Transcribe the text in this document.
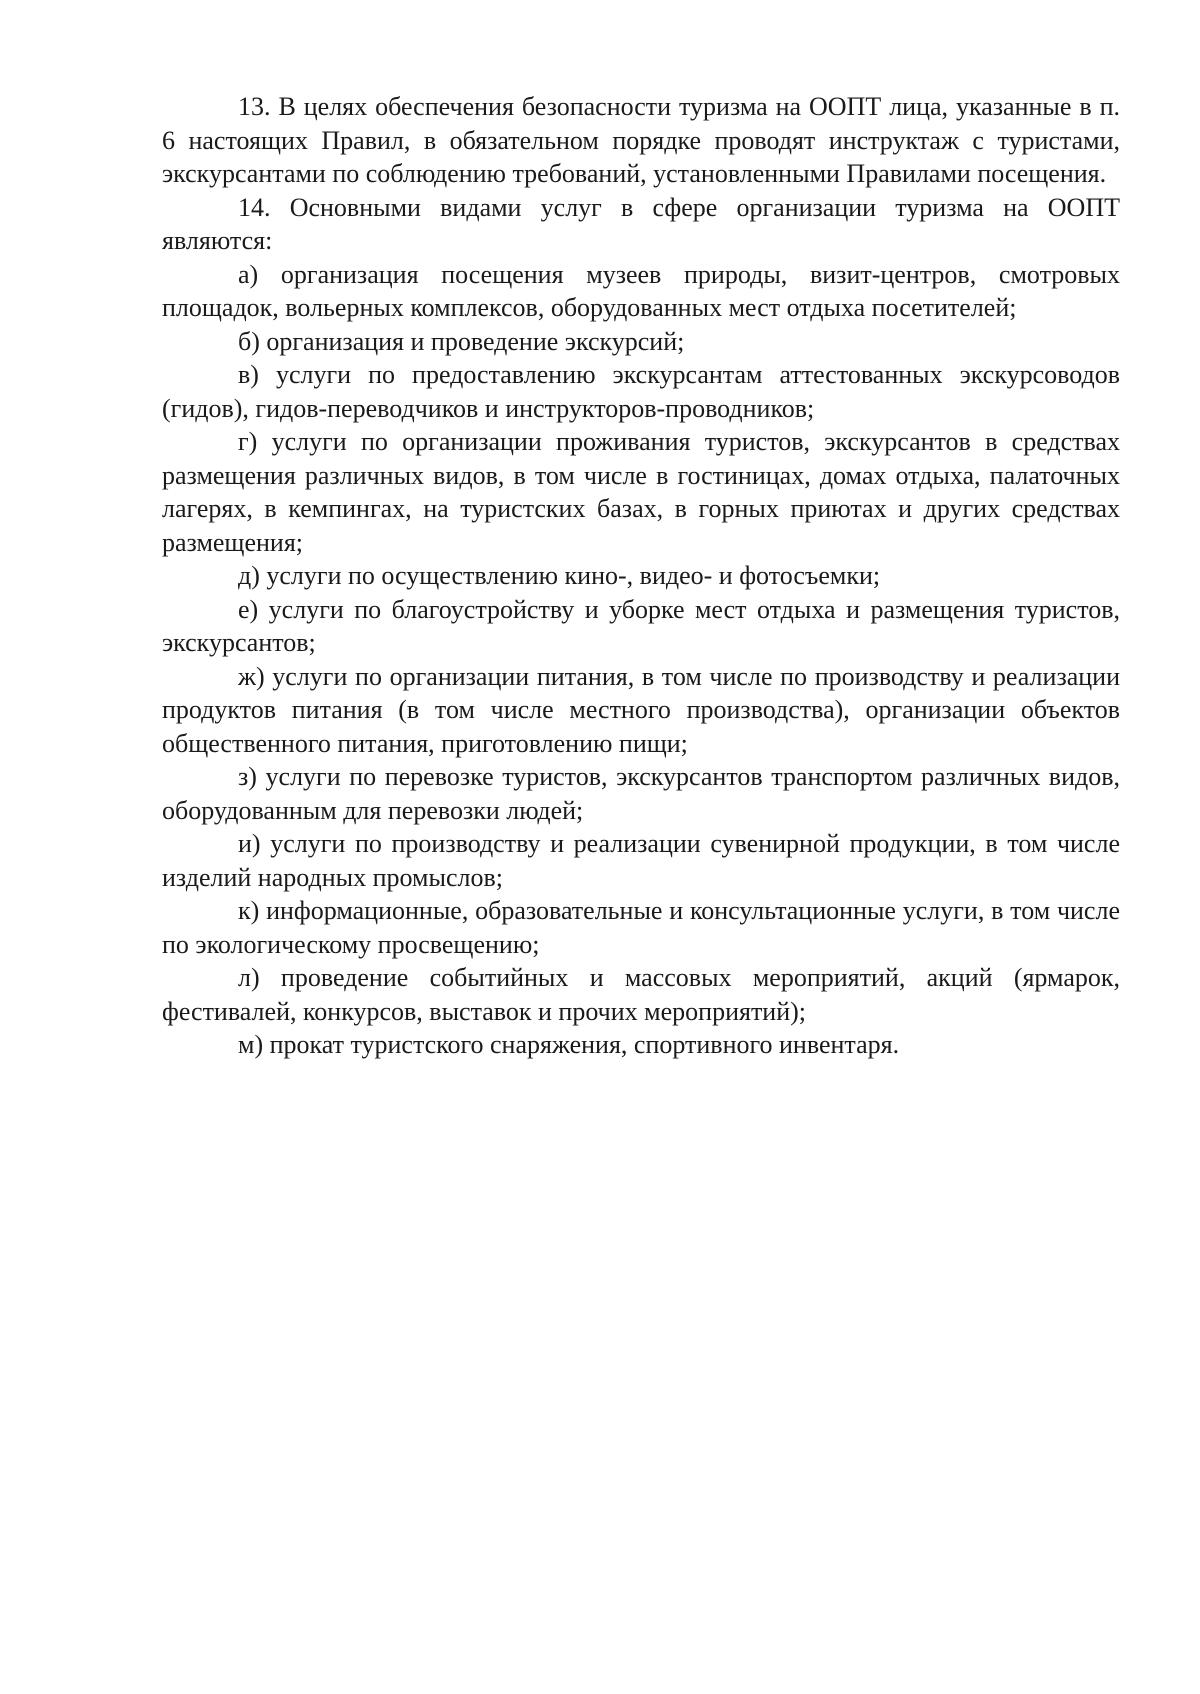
13. В целях обеспечения безопасности туризма на ООПТ лица, указанные в п. 6 настоящих Правил, в обязательном порядке проводят инструктаж с туристами, экскурсантами по соблюдению требований, установленными Правилами посещения.

14. Основными видами услуг в сфере организации туризма на ООПТ являются:

а) организация посещения музеев природы, визит-центров, смотровых площадок, вольерных комплексов, оборудованных мест отдыха посетителей;

б) организация и проведение экскурсий;

в) услуги по предоставлению экскурсантам аттестованных экскурсоводов (гидов), гидов-переводчиков и инструкторов-проводников;

г) услуги по организации проживания туристов, экскурсантов в средствах размещения различных видов, в том числе в гостиницах, домах отдыха, палаточных лагерях, в кемпингах, на туристских базах, в горных приютах и других средствах размещения;

д) услуги по осуществлению кино-, видео- и фотосъемки;

е) услуги по благоустройству и уборке мест отдыха и размещения туристов, экскурсантов;

ж) услуги по организации питания, в том числе по производству и реализации продуктов питания (в том числе местного производства), организации объектов общественного питания, приготовлению пищи;

з) услуги по перевозке туристов, экскурсантов транспортом различных видов, оборудованным для перевозки людей;

и) услуги по производству и реализации сувенирной продукции, в том числе изделий народных промыслов;

к) информационные, образовательные и консультационные услуги, в том числе по экологическому просвещению;

л) проведение событийных и массовых мероприятий, акций (ярмарок, фестивалей, конкурсов, выставок и прочих мероприятий);

м) прокат туристского снаряжения, спортивного инвентаря.
